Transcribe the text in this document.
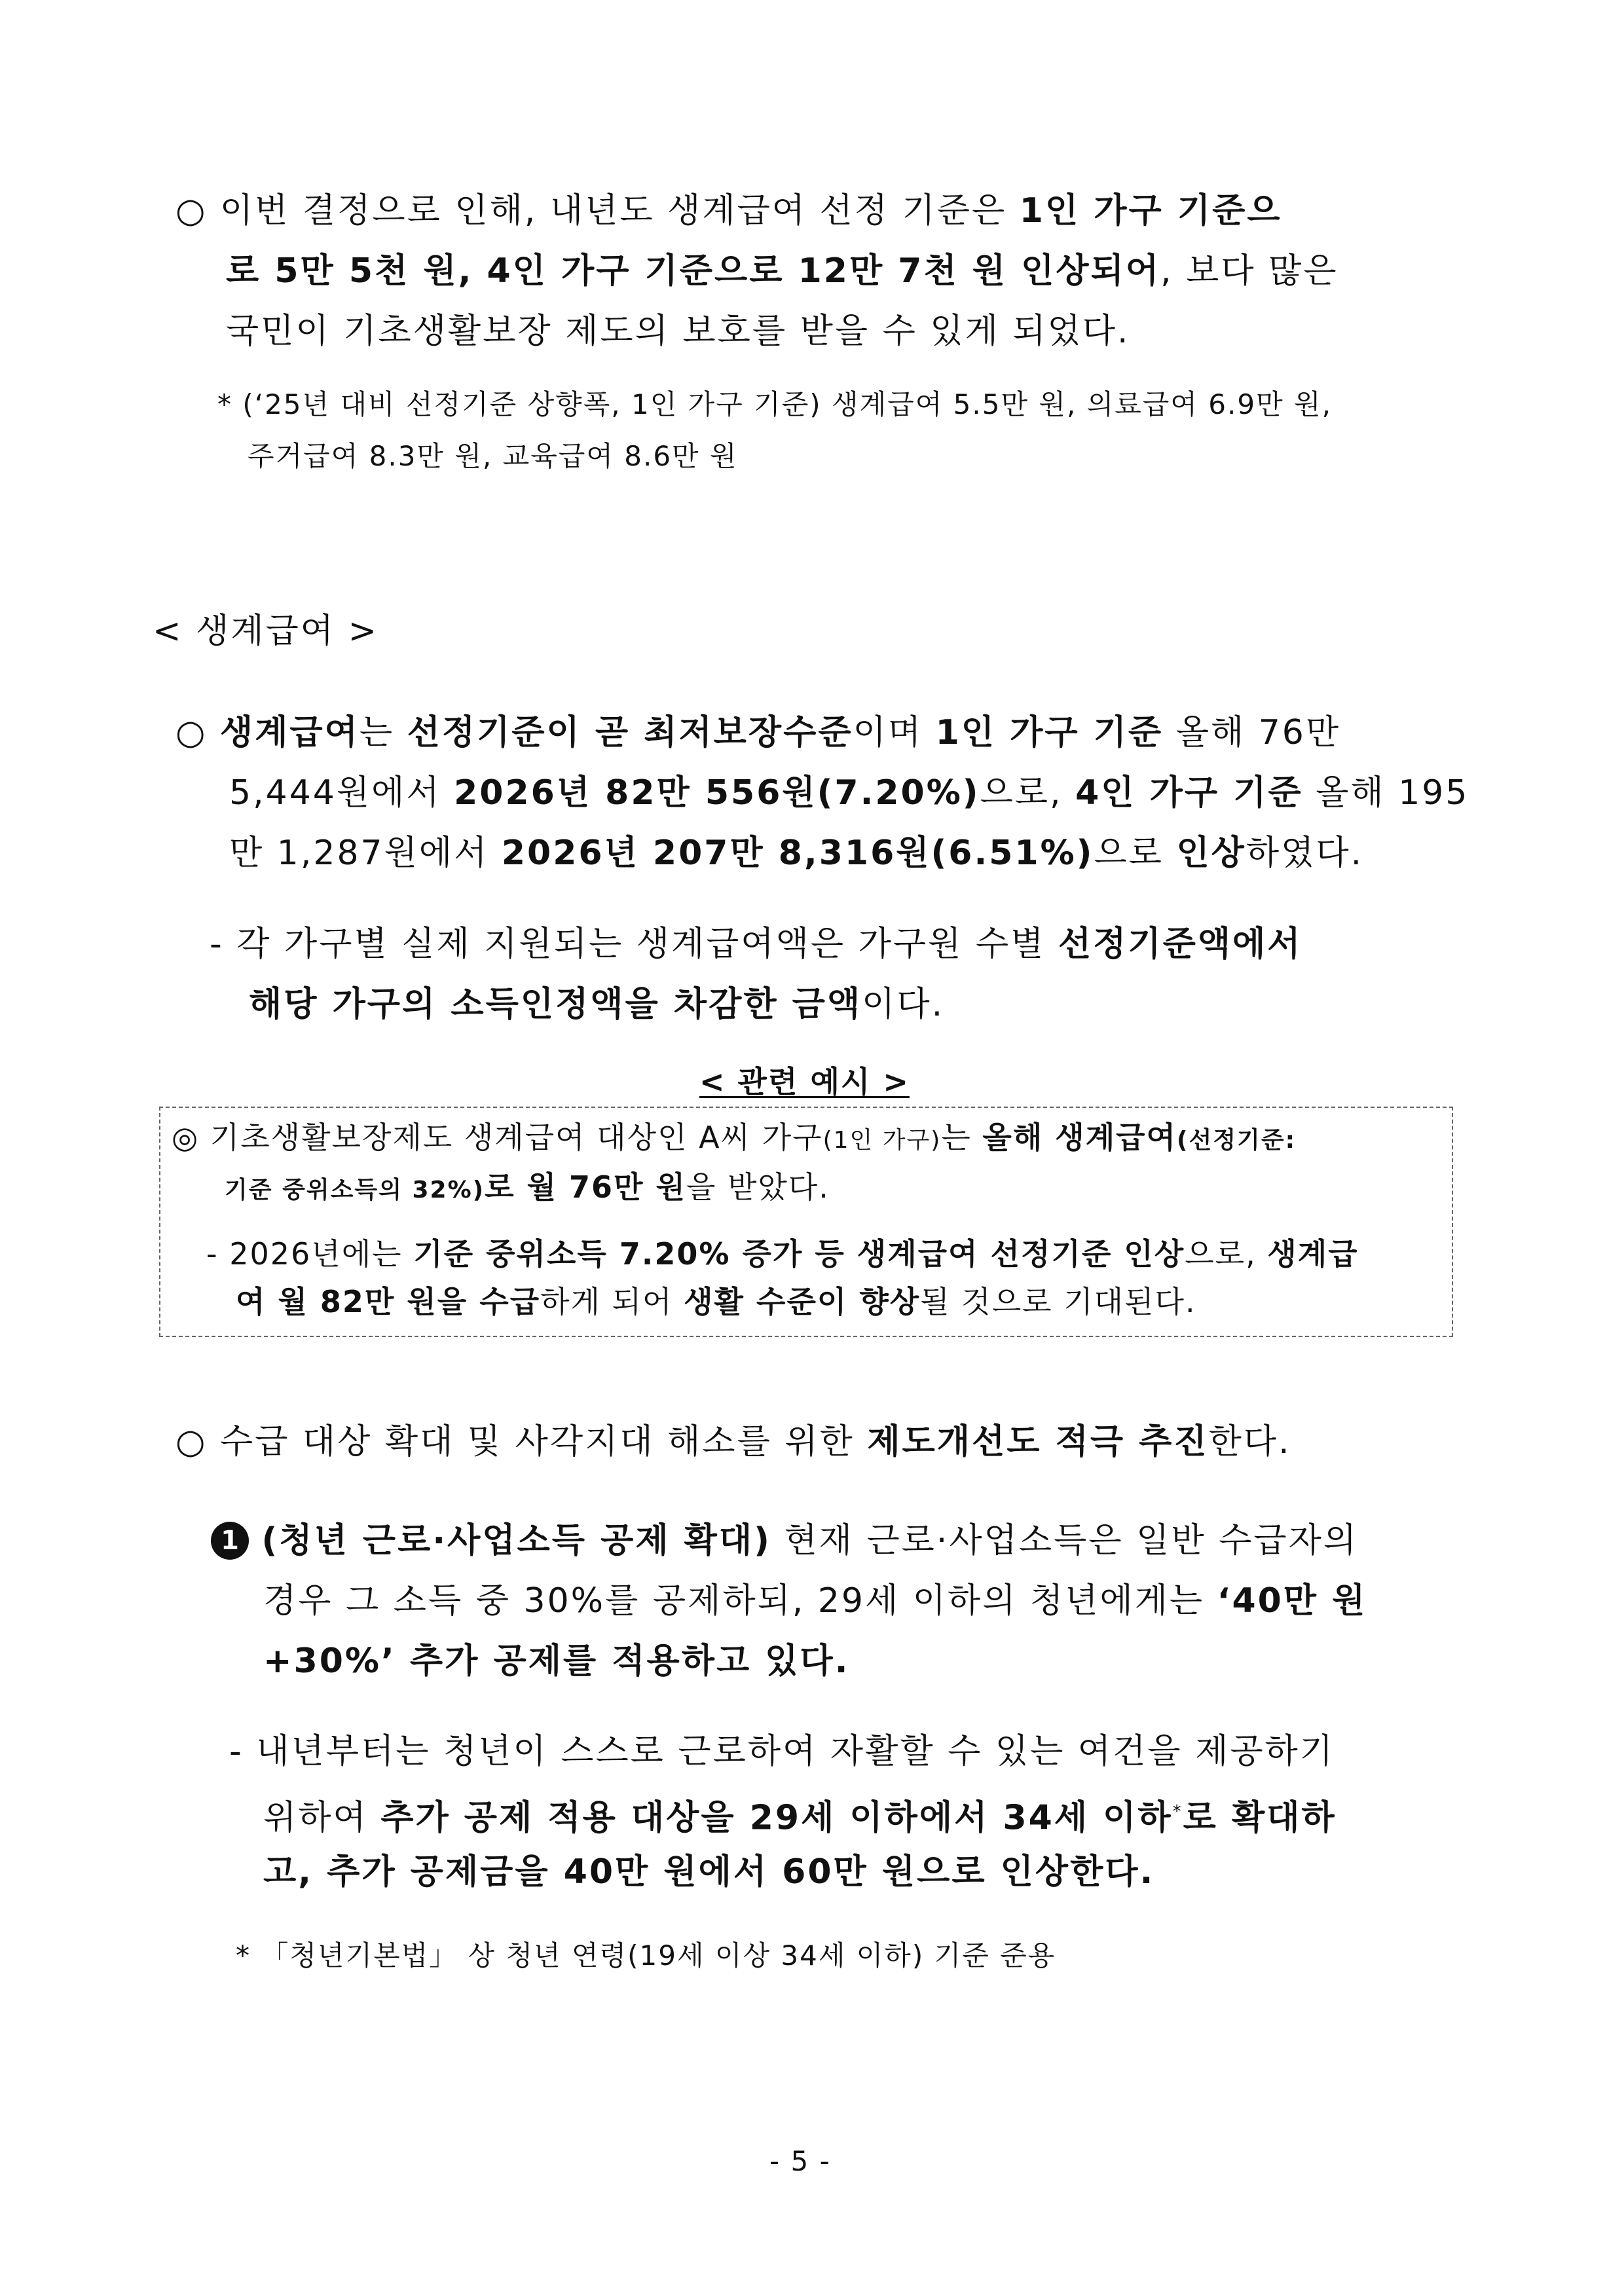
○ 이번 결정으로 인해, 내년도 생계급여 선정 기준은 1인 가구 기준으
로 5만 5천 원, 4인 가구 기준으로 12만 7천 원 인상되어, 보다 많은
국민이 기초생활보장 제도의 보호를 받을 수 있게 되었다.
* (‘25년 대비 선정기준 상향폭, 1인 가구 기준) 생계급여 5.5만 원, 의료급여 6.9만 원,
주거급여 8.3만 원, 교육급여 8.6만 원
< 생계급여 >
○ 생계급여는 선정기준이 곧 최저보장수준이며 1인 가구 기준 올해 76만
5,444원에서 2026년 82만 556원(7.20%)으로, 4인 가구 기준 올해 195
만 1,287원에서 2026년 207만 8,316원(6.51%)으로 인상하였다.
- 각 가구별 실제 지원되는 생계급여액은 가구원 수별 선정기준액에서
해당 가구의 소득인정액을 차감한 금액이다.
< 관련 예시 >
◎ 기초생활보장제도 생계급여 대상인 A씨 가구(1인 가구)는 올해 생계급여(선정기준:
기준 중위소득의 32%)로 월 76만 원을 받았다.
- 2026년에는 기준 중위소득 7.20% 증가 등 생계급여 선정기준 인상으로, 생계급
여 월 82만 원을 수급하게 되어 생활 수준이 향상될 것으로 기대된다.
○ 수급 대상 확대 및 사각지대 해소를 위한 제도개선도 적극 추진한다.
1 (청년 근로·사업소득 공제 확대) 현재 근로·사업소득은 일반 수급자의
경우 그 소득 중 30%를 공제하되, 29세 이하의 청년에게는 ‘40만 원
+30%’ 추가 공제를 적용하고 있다.
- 내년부터는 청년이 스스로 근로하여 자활할 수 있는 여건을 제공하기
위하여 추가 공제 적용 대상을 29세 이하에서 34세 이하*로 확대하
고, 추가 공제금을 40만 원에서 60만 원으로 인상한다.
* 「청년기본법」 상 청년 연령(19세 이상 34세 이하) 기준 준용
- 5 -
